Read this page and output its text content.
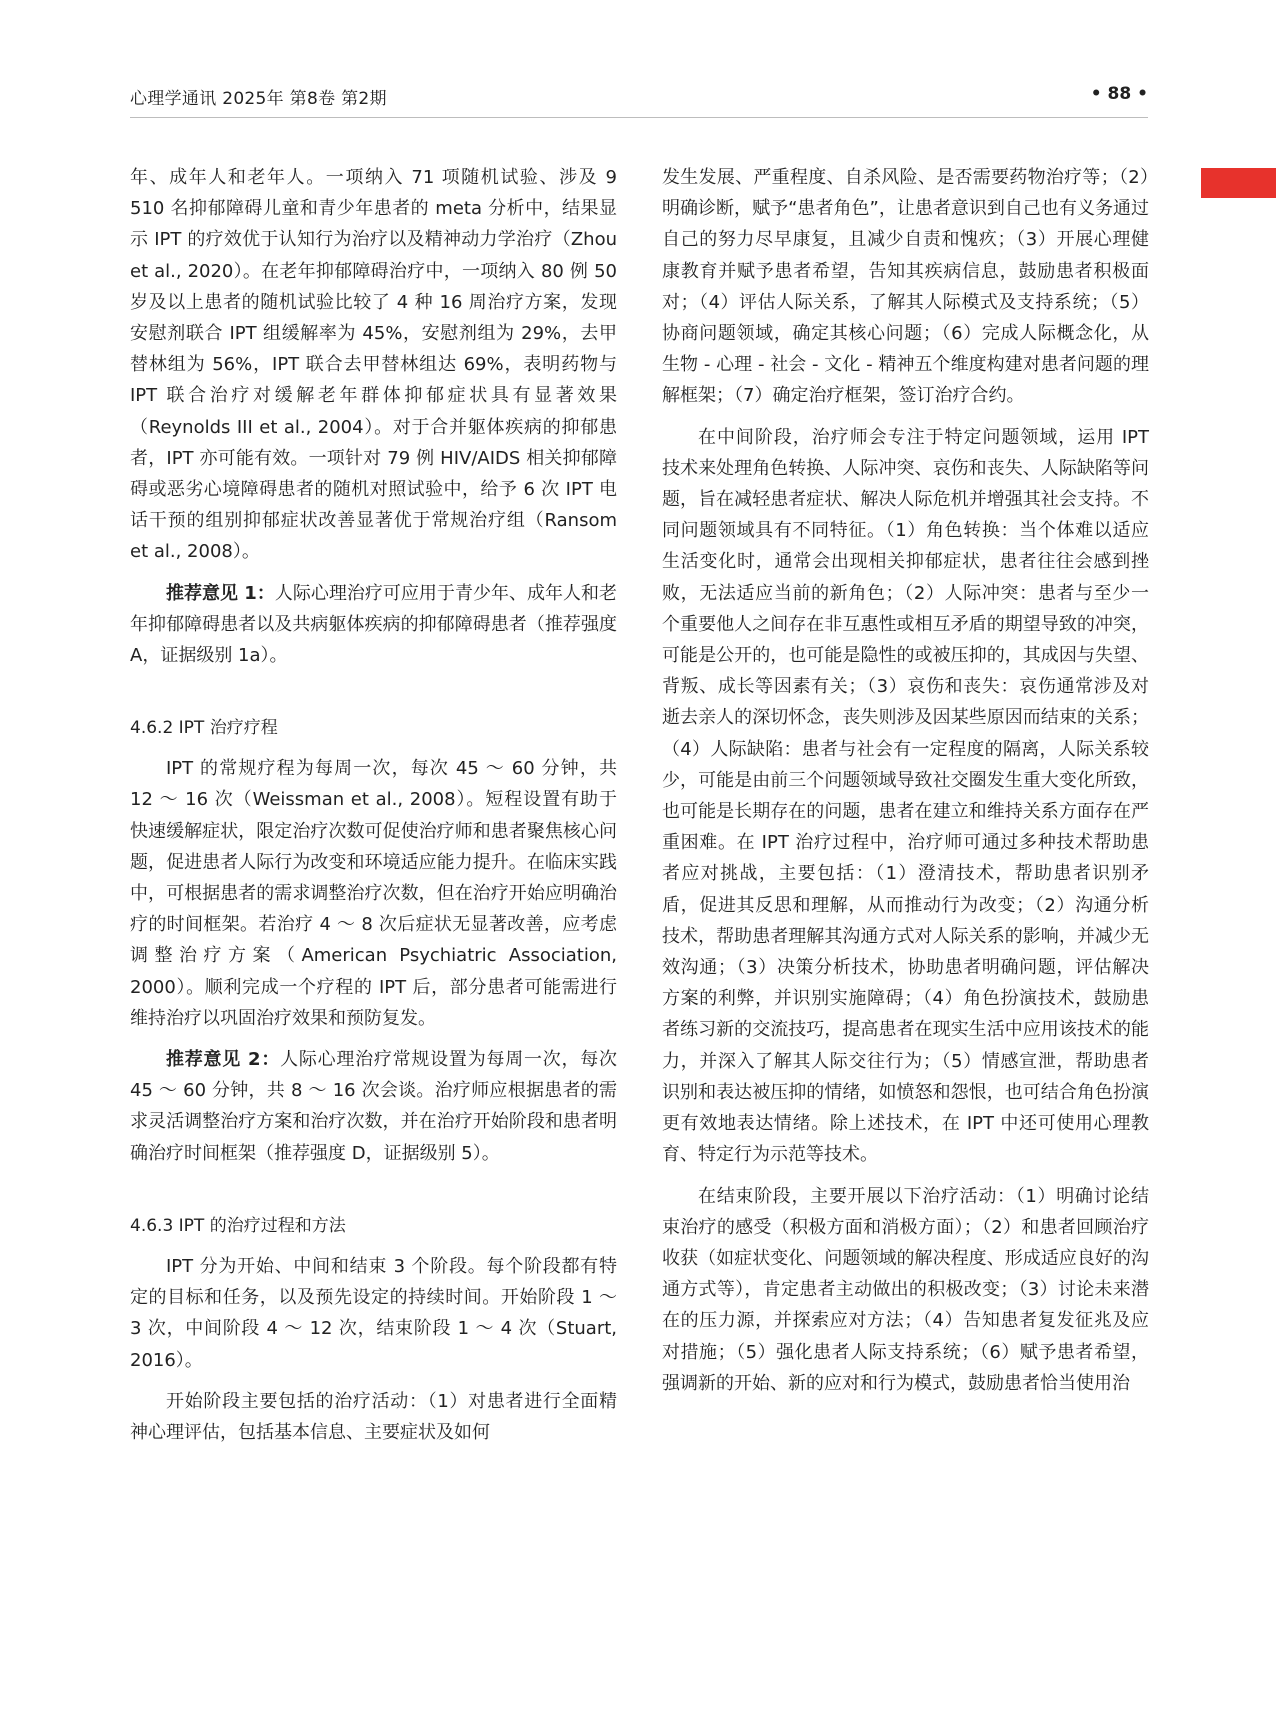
心理学通讯 2025年 第8卷 第2期	• 88 •

年、成年人和老年人。一项纳入 71 项随机试验、涉及 9 510 名抑郁障碍儿童和青少年患者的 meta 分析中，结果显示 IPT 的疗效优于认知行为治疗以及精神动力学治疗（Zhou et al., 2020）。在老年抑郁障碍治疗中，一项纳入 80 例 50 岁及以上患者的随机试验比较了 4 种 16 周治疗方案，发现安慰剂联合 IPT 组缓解率为 45%，安慰剂组为 29%，去甲替林组为 56%，IPT 联合去甲替林组达 69%，表明药物与 IPT 联合治疗对缓解老年群体抑郁症状具有显著效果（Reynolds III et al., 2004）。对于合并躯体疾病的抑郁患者，IPT 亦可能有效。一项针对 79 例 HIV/AIDS 相关抑郁障碍或恶劣心境障碍患者的随机对照试验中，给予 6 次 IPT 电话干预的组别抑郁症状改善显著优于常规治疗组（Ransom et al., 2008）。

推荐意见 1：人际心理治疗可应用于青少年、成年人和老年抑郁障碍患者以及共病躯体疾病的抑郁障碍患者（推荐强度 A，证据级别 1a）。

4.6.2 IPT 治疗疗程

IPT 的常规疗程为每周一次，每次 45 ～ 60 分钟，共 12 ～ 16 次（Weissman et al., 2008）。短程设置有助于快速缓解症状，限定治疗次数可促使治疗师和患者聚焦核心问题，促进患者人际行为改变和环境适应能力提升。在临床实践中，可根据患者的需求调整治疗次数，但在治疗开始应明确治疗的时间框架。若治疗 4 ～ 8 次后症状无显著改善，应考虑调整治疗方案（American Psychiatric Association, 2000）。顺利完成一个疗程的 IPT 后，部分患者可能需进行维持治疗以巩固治疗效果和预防复发。

推荐意见 2：人际心理治疗常规设置为每周一次，每次 45 ～ 60 分钟，共 8 ～ 16 次会谈。治疗师应根据患者的需求灵活调整治疗方案和治疗次数，并在治疗开始阶段和患者明确治疗时间框架（推荐强度 D，证据级别 5）。

4.6.3 IPT 的治疗过程和方法

IPT 分为开始、中间和结束 3 个阶段。每个阶段都有特定的目标和任务，以及预先设定的持续时间。开始阶段 1 ～ 3 次，中间阶段 4 ～ 12 次，结束阶段 1 ～ 4 次（Stuart, 2016）。

开始阶段主要包括的治疗活动：（1）对患者进行全面精神心理评估，包括基本信息、主要症状及如何

发生发展、严重程度、自杀风险、是否需要药物治疗等；（2）明确诊断，赋予“患者角色”，让患者意识到自己也有义务通过自己的努力尽早康复，且减少自责和愧疚；（3）开展心理健康教育并赋予患者希望，告知其疾病信息，鼓励患者积极面对；（4）评估人际关系，了解其人际模式及支持系统；（5）协商问题领域，确定其核心问题；（6）完成人际概念化，从生物 - 心理 - 社会 - 文化 - 精神五个维度构建对患者问题的理解框架；（7）确定治疗框架，签订治疗合约。

在中间阶段，治疗师会专注于特定问题领域，运用 IPT 技术来处理角色转换、人际冲突、哀伤和丧失、人际缺陷等问题，旨在减轻患者症状、解决人际危机并增强其社会支持。不同问题领域具有不同特征。（1）角色转换：当个体难以适应生活变化时，通常会出现相关抑郁症状，患者往往会感到挫败，无法适应当前的新角色；（2）人际冲突：患者与至少一个重要他人之间存在非互惠性或相互矛盾的期望导致的冲突，可能是公开的，也可能是隐性的或被压抑的，其成因与失望、背叛、成长等因素有关；（3）哀伤和丧失：哀伤通常涉及对逝去亲人的深切怀念，丧失则涉及因某些原因而结束的关系；（4）人际缺陷：患者与社会有一定程度的隔离，人际关系较少，可能是由前三个问题领域导致社交圈发生重大变化所致，也可能是长期存在的问题，患者在建立和维持关系方面存在严重困难。在 IPT 治疗过程中，治疗师可通过多种技术帮助患者应对挑战，主要包括：（1）澄清技术，帮助患者识别矛盾，促进其反思和理解，从而推动行为改变；（2）沟通分析技术，帮助患者理解其沟通方式对人际关系的影响，并减少无效沟通；（3）决策分析技术，协助患者明确问题，评估解决方案的利弊，并识别实施障碍；（4）角色扮演技术，鼓励患者练习新的交流技巧，提高患者在现实生活中应用该技术的能力，并深入了解其人际交往行为；（5）情感宣泄，帮助患者识别和表达被压抑的情绪，如愤怒和怨恨，也可结合角色扮演更有效地表达情绪。除上述技术，在 IPT 中还可使用心理教育、特定行为示范等技术。

在结束阶段，主要开展以下治疗活动：（1）明确讨论结束治疗的感受（积极方面和消极方面）；（2）和患者回顾治疗收获（如症状变化、问题领域的解决程度、形成适应良好的沟通方式等），肯定患者主动做出的积极改变；（3）讨论未来潜在的压力源，并探索应对方法；（4）告知患者复发征兆及应对措施；（5）强化患者人际支持系统；（6）赋予患者希望，强调新的开始、新的应对和行为模式，鼓励患者恰当使用治
